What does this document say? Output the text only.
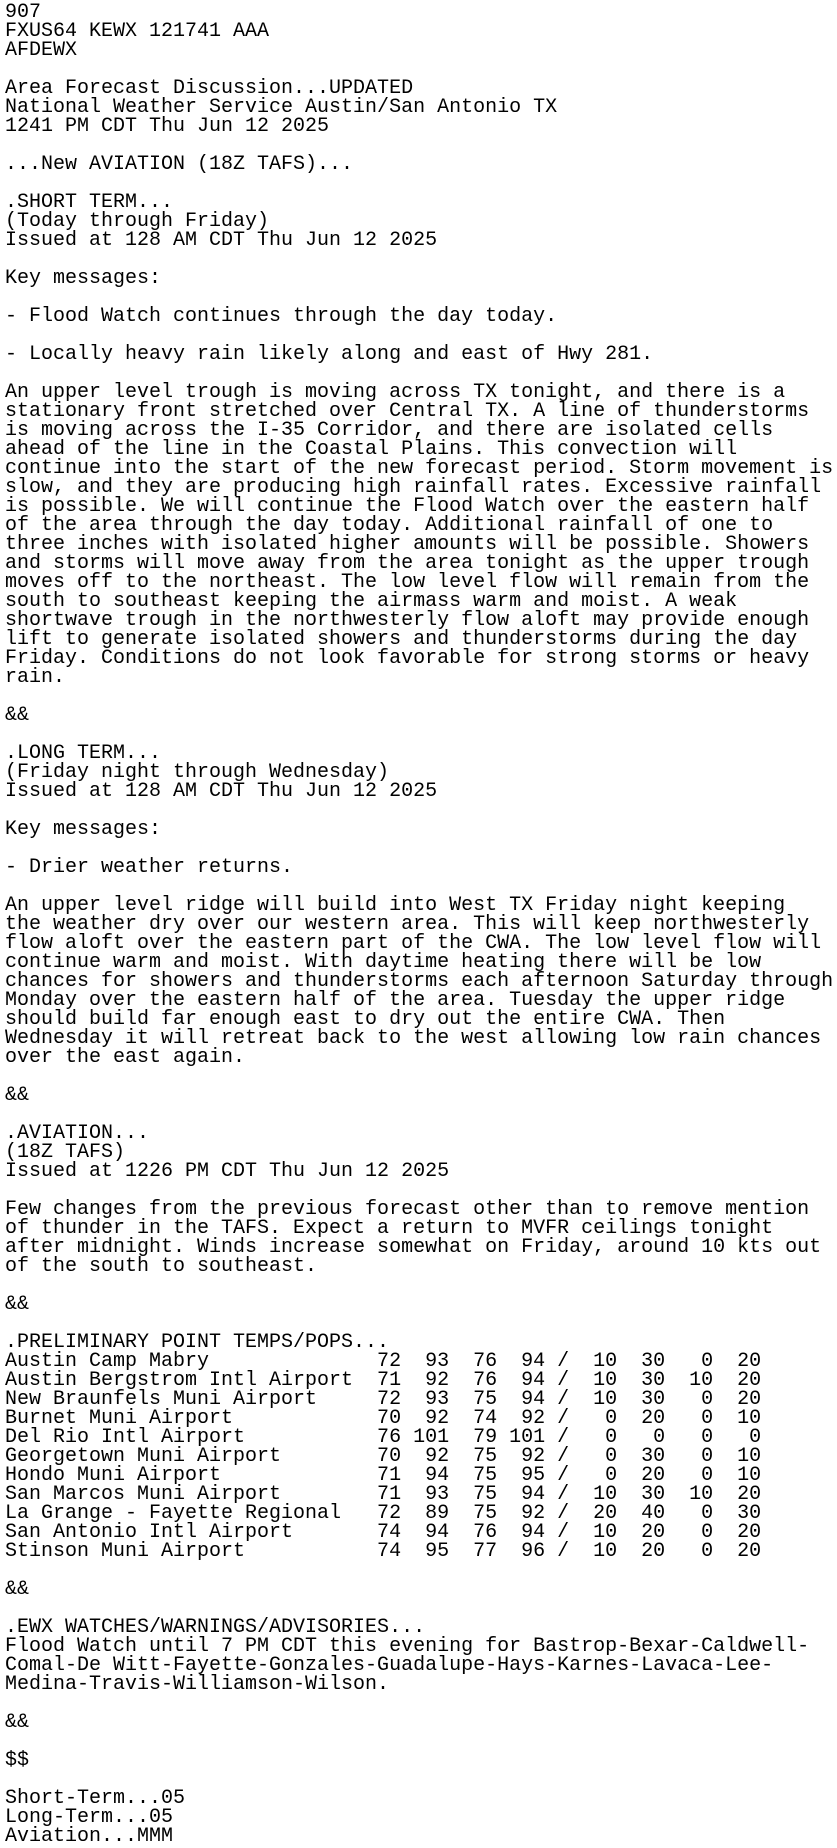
907
FXUS64 KEWX 121741 AAA
AFDEWX

Area Forecast Discussion...UPDATED
National Weather Service Austin/San Antonio TX
1241 PM CDT Thu Jun 12 2025

...New AVIATION (18Z TAFS)...

.SHORT TERM...
(Today through Friday)
Issued at 128 AM CDT Thu Jun 12 2025

Key messages:

- Flood Watch continues through the day today.

- Locally heavy rain likely along and east of Hwy 281.

An upper level trough is moving across TX tonight, and there is a
stationary front stretched over Central TX. A line of thunderstorms
is moving across the I-35 Corridor, and there are isolated cells
ahead of the line in the Coastal Plains. This convection will
continue into the start of the new forecast period. Storm movement is
slow, and they are producing high rainfall rates. Excessive rainfall
is possible. We will continue the Flood Watch over the eastern half
of the area through the day today. Additional rainfall of one to
three inches with isolated higher amounts will be possible. Showers
and storms will move away from the area tonight as the upper trough
moves off to the northeast. The low level flow will remain from the
south to southeast keeping the airmass warm and moist. A weak
shortwave trough in the northwesterly flow aloft may provide enough
lift to generate isolated showers and thunderstorms during the day
Friday. Conditions do not look favorable for strong storms or heavy
rain.

&&

.LONG TERM...
(Friday night through Wednesday)
Issued at 128 AM CDT Thu Jun 12 2025

Key messages:

- Drier weather returns.

An upper level ridge will build into West TX Friday night keeping
the weather dry over our western area. This will keep northwesterly
flow aloft over the eastern part of the CWA. The low level flow will
continue warm and moist. With daytime heating there will be low
chances for showers and thunderstorms each afternoon Saturday through
Monday over the eastern half of the area. Tuesday the upper ridge
should build far enough east to dry out the entire CWA. Then
Wednesday it will retreat back to the west allowing low rain chances
over the east again.

&&

.AVIATION...
(18Z TAFS)
Issued at 1226 PM CDT Thu Jun 12 2025

Few changes from the previous forecast other than to remove mention
of thunder in the TAFS. Expect a return to MVFR ceilings tonight
after midnight. Winds increase somewhat on Friday, around 10 kts out
of the south to southeast.

&&

.PRELIMINARY POINT TEMPS/POPS...
Austin Camp Mabry              72  93  76  94 /  10  30   0  20
Austin Bergstrom Intl Airport  71  92  76  94 /  10  30  10  20
New Braunfels Muni Airport     72  93  75  94 /  10  30   0  20
Burnet Muni Airport            70  92  74  92 /   0  20   0  10
Del Rio Intl Airport           76 101  79 101 /   0   0   0   0
Georgetown Muni Airport        70  92  75  92 /   0  30   0  10
Hondo Muni Airport             71  94  75  95 /   0  20   0  10
San Marcos Muni Airport        71  93  75  94 /  10  30  10  20
La Grange - Fayette Regional   72  89  75  92 /  20  40   0  30
San Antonio Intl Airport       74  94  76  94 /  10  20   0  20
Stinson Muni Airport           74  95  77  96 /  10  20   0  20

&&

.EWX WATCHES/WARNINGS/ADVISORIES...
Flood Watch until 7 PM CDT this evening for Bastrop-Bexar-Caldwell-
Comal-De Witt-Fayette-Gonzales-Guadalupe-Hays-Karnes-Lavaca-Lee-
Medina-Travis-Williamson-Wilson.

&&

$$

Short-Term...05
Long-Term...05
Aviation...MMM
